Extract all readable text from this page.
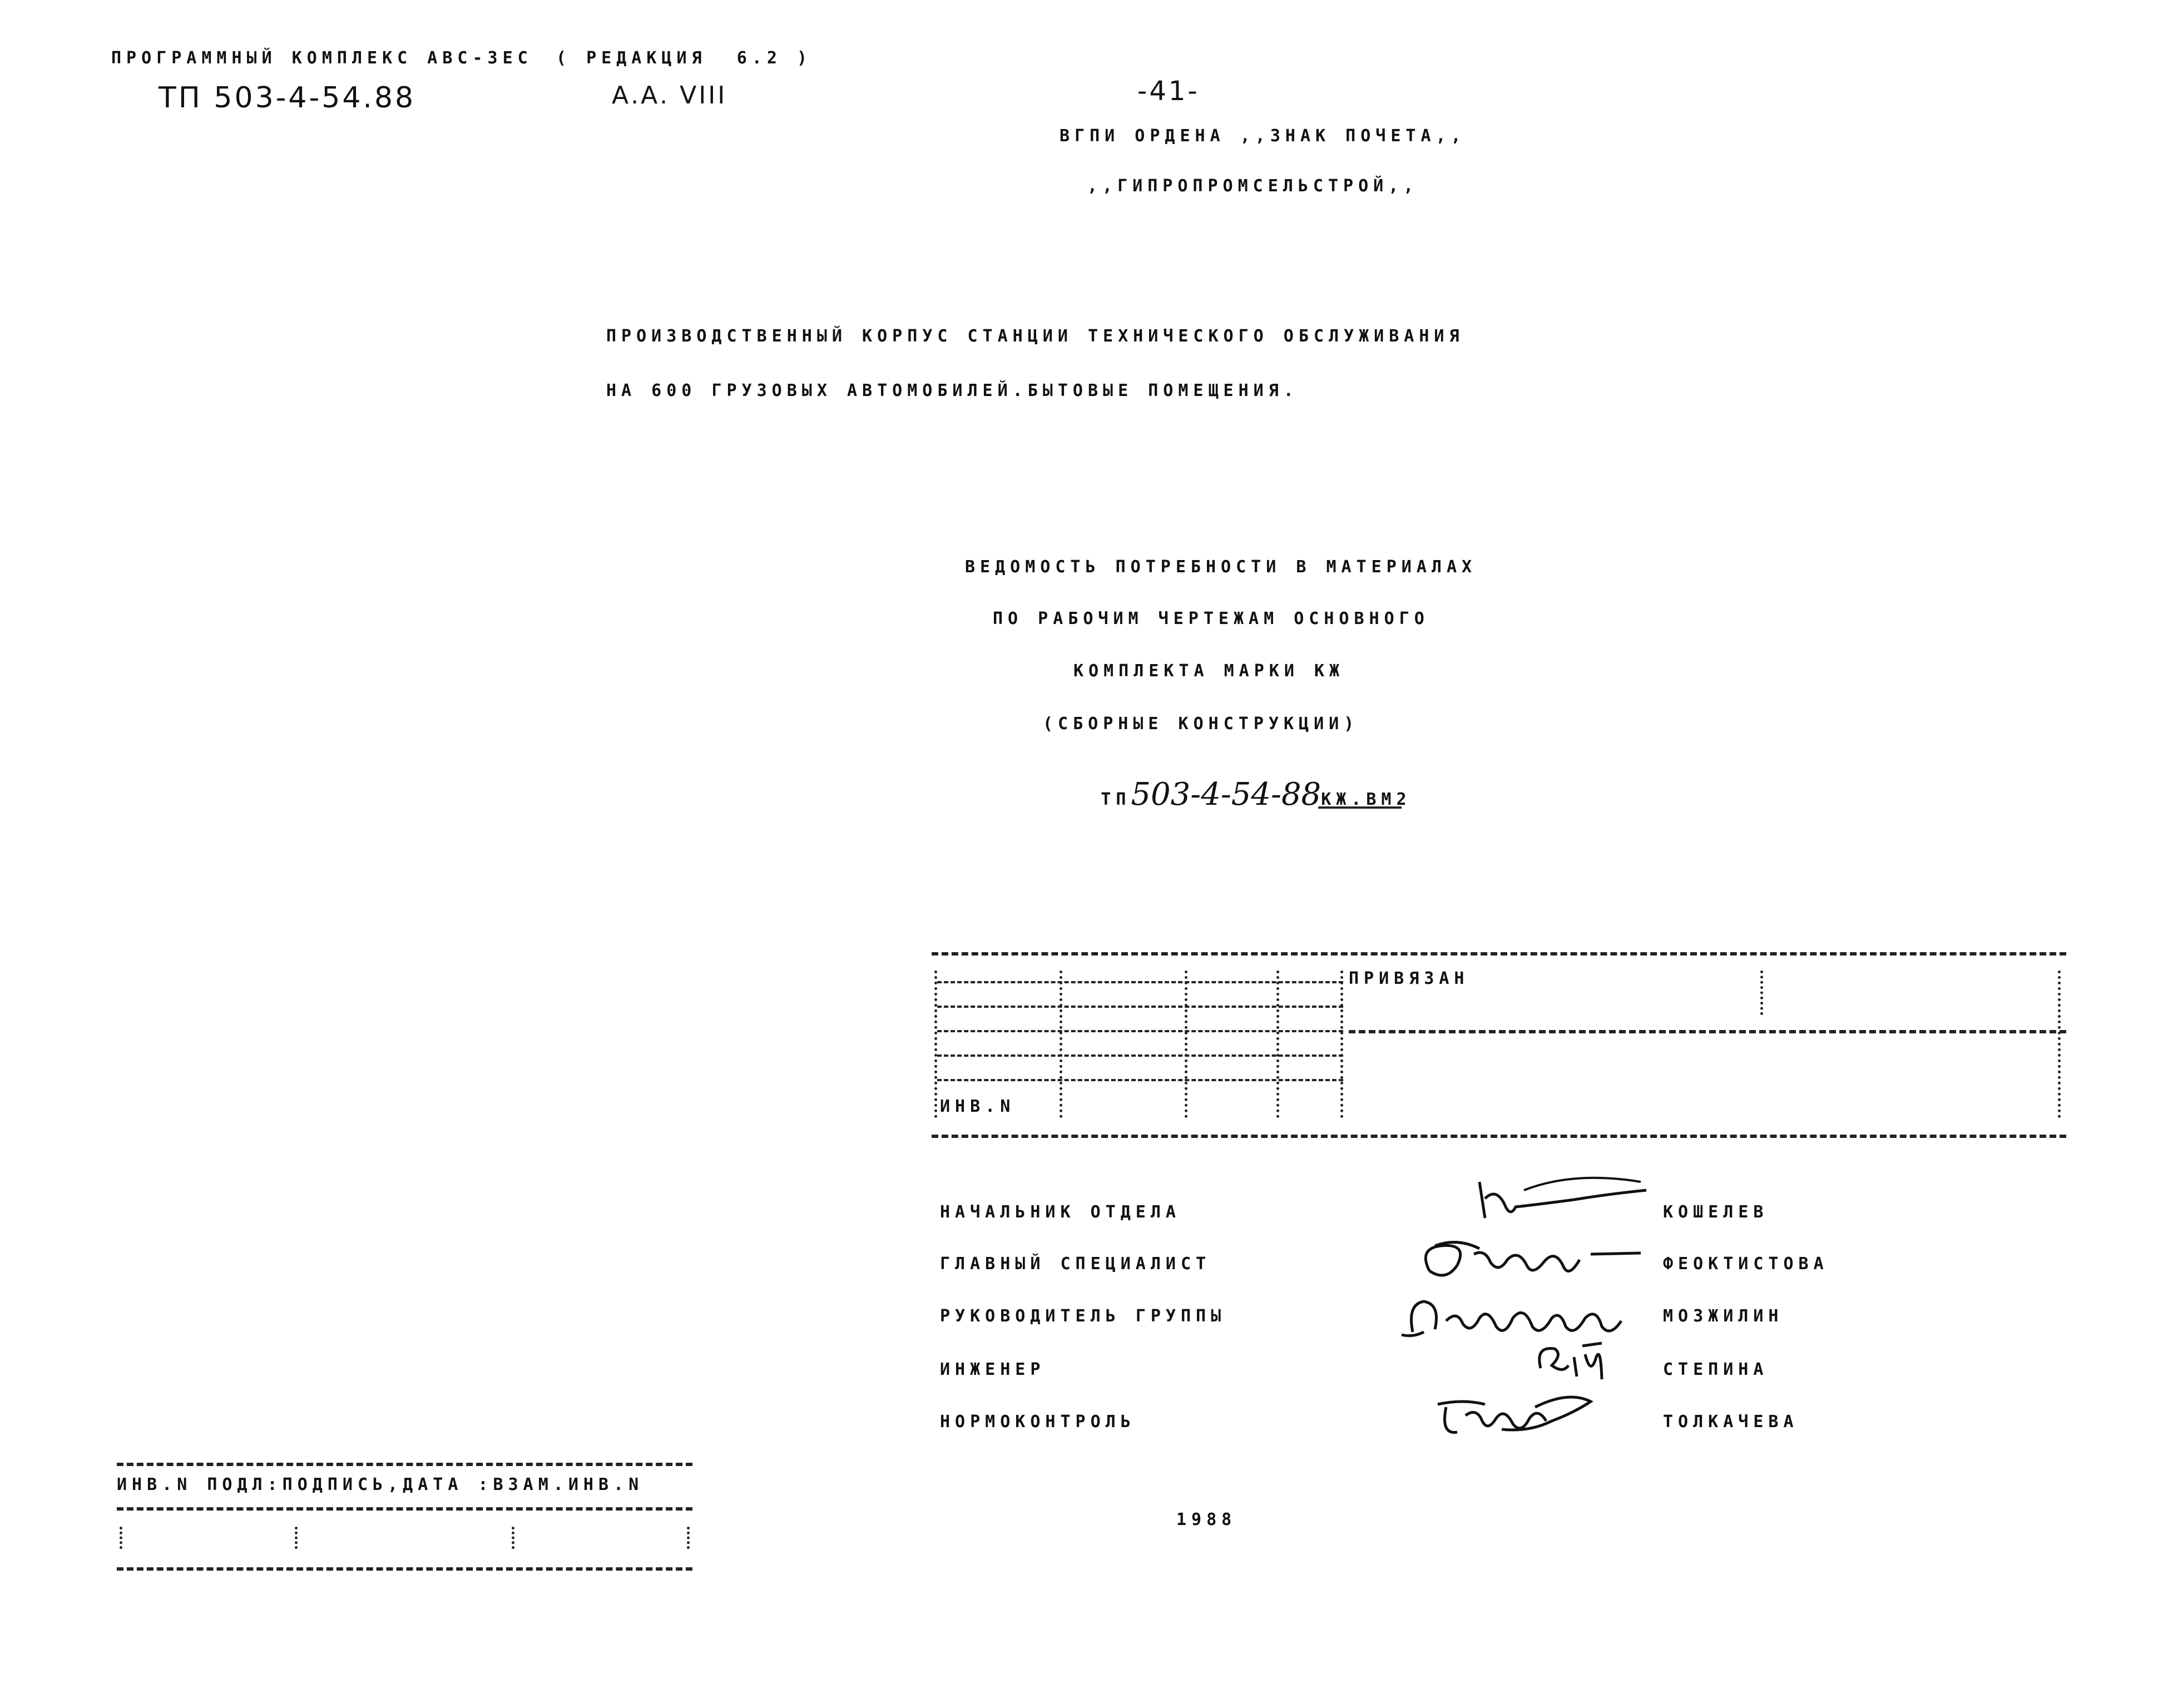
ПРОГРАММНЫЙ КОМПЛЕКС АВС-3ЕС ( РЕДАКЦИЯ  6.2 )
ТП 503-4-54.88	А.А. VIII	-41-
ВГПИ ОРДЕНА ,,ЗНАК ПОЧЕТА,,
,,ГИПРОПРОМСЕЛЬСТРОЙ,,
ПРОИЗВОДСТВЕННЫЙ КОРПУС СТАНЦИИ ТЕХНИЧЕСКОГО ОБСЛУЖИВАНИЯ
НА 600 ГРУЗОВЫХ АВТОМОБИЛЕЙ.БЫТОВЫЕ ПОМЕЩЕНИЯ.
ВЕДОМОСТЬ ПОТРЕБНОСТИ В МАТЕРИАЛАХ
ПО РАБОЧИМ ЧЕРТЕЖАМ ОСНОВНОГО
КОМПЛЕКТА МАРКИ КЖ
(СБОРНЫЕ КОНСТРУКЦИИ)

ТП503-4-54-88КЖ.ВМ2

ПРИВЯЗАН
ИНВ.N
НАЧАЛЬНИК ОТДЕЛА
ГЛАВНЫЙ СПЕЦИАЛИСТ
РУКОВОДИТЕЛЬ ГРУППЫ
ИНЖЕНЕР
НОРМОКОНТРОЛЬ
КОШЕЛЕВ
ФЕОКТИСТОВА
МОЗЖИЛИН
СТЕПИНА
ТОЛКАЧЕВА
1988
ИНВ.N ПОДЛ:ПОДПИСЬ,ДАТА :ВЗАМ.ИНВ.N
